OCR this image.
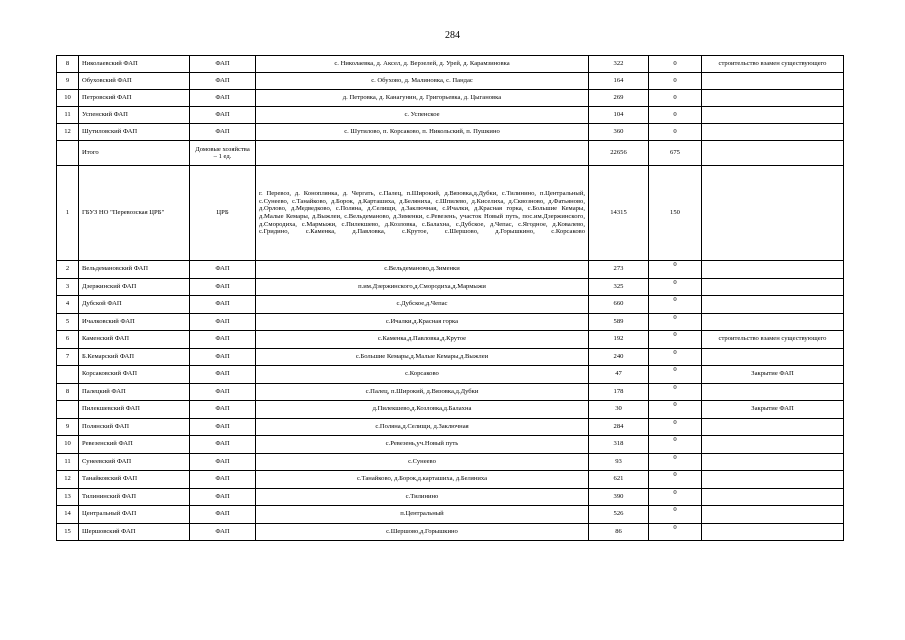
284
8	Николаевский ФАП	ФАП	с. Николаевка, д. Аксел, д. Верзелей, д. Урей, д. Карамзиновка	322	0	строительство взамен существующего
9	Обуховский ФАП	ФАП	с. Обухово, д. Малиновка, с. Пандас	164	0	
10	Петровский ФАП	ФАП	д. Петровка, д. Канагунин, д. Григорьевка, д. Цыгановка	269	0	
11	Успенский ФАП	ФАП	с. Успенское	104	0	
12	Шутиловский ФАП	ФАП	с. Шутилово, п. Корсаково, п. Никольский, п. Пушкино	360	0	
	Итого	Домовые хозяйства – 1 ед.		22656	675	
1	ГБУЗ НО "Перевозская ЦРБ"	ЦРБ	г. Перевоз, д. Коноплянка, д. Чергать, с.Палец, п.Широкий, д.Вязовка,д.Дубки, с.Тилинино, п.Центральный, с.Сунеево, с.Танайково, д.Борок, д.Карташиха, д.Беляниха, с.Шпилево, д.Киселиха, д.Сквозново, д.Фатьяново, д.Орлово, д.Медведково, с.Поляна, д.Селищи, д.Заключная, с.Ичалки, д.Красная горка, с.Большие Кемары, д.Малые Кемары, д.Выжлеи, с.Вельдеманово, д.Зименки, с.Ревезень, участок Новый путь, пос.им.Дзержинского, д.Смородиха, с.Мармыжи, с.Пилекшево, д.Козловка, с.Балахна, с.Дубское, д.Чепас, с.Ягодное, д.Ковалево, с.Гридино, с.Каменка, д.Павловка, с.Крутое, с.Шершово, д.Горышкино, с.Корсаково	14315	150	
2	Вельдемановский ФАП	ФАП	с.Вельдеманово,д.Зименки	273	0	
3	Дзержинский ФАП	ФАП	п.им.Дзержинского,д.Смородиха,д.Мармыжи	325	0	
4	Дубской ФАП	ФАП	с.Дубское,д.Чепас	660	0	
5	Ичалковский ФАП	ФАП	с.Ичалки,д.Красная горка	589	0	
6	Каменский ФАП	ФАП	с.Каменка,д.Павловка,д.Крутое	192	0	строительство взамен существующего
7	Б.Кемарский ФАП	ФАП	с.Большие Кемары,д.Малые Кемары,д.Выжлеи	240	0	
	Корсаковский ФАП	ФАП	с.Корсаково	47	0	Закрытие ФАП
8	Палецкий ФАП	ФАП	с.Палец, п.Широкий, д.Вязовка,д.Дубки	178	0	
	Пилекшевский ФАП	ФАП	д.Пилекшево,д.Козловка,д.Балахна	30	0	Закрытие ФАП
9	Полянский ФАП	ФАП	с.Поляна,д.Селищи, д.Заключная	284	0	
10	Ревезенский ФАП	ФАП	с.Ревезень,уч.Новый путь	318	0	
11	Сунеевский ФАП	ФАП	с.Сунеево	93	0	
12	Танайковский ФАП	ФАП	с.Танайково, д.Борок,д.карташиха, д.Беляниха	621	0	
13	Тилининский ФАП	ФАП	с.Тилинино	390	0	
14	Центральный ФАП	ФАП	п.Центральный	526	0	
15	Шершовский ФАП	ФАП	с.Шершово,д.Горышкино	86	0	
